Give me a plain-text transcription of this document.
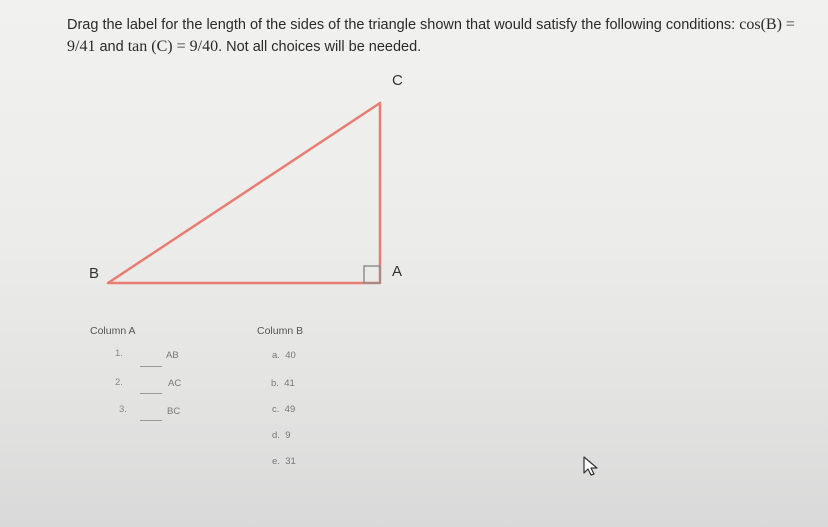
Drag the label for the length of the sides of the triangle shown that would satisfy the following conditions: cos(B) =
9/41 and tan (C) = 9/40. Not all choices will be needed.
C
B	A
Column A	Column B
1.	AB
2.	AC
3.	BC
a. 40
b. 41
c. 49
d. 9
e. 31
